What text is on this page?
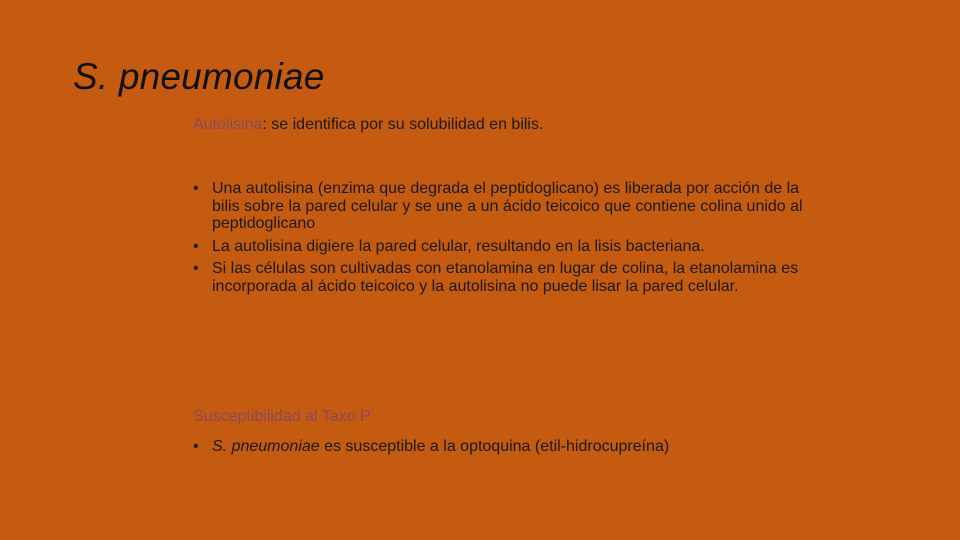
S. pneumoniae
Autolisina: se identifica por su solubilidad en bilis.
• Una autolisina (enzima que degrada el peptidoglicano) es liberada por acción de la bilis sobre la pared celular y se une a un ácido teicoico que contiene colina unido al peptidoglicano
• La autolisina digiere la pared celular, resultando en la lisis bacteriana.
• Si las células son cultivadas con etanolamina en lugar de colina, la etanolamina es incorporada al ácido teicoico y la autolisina no puede lisar la pared celular.
Susceptibilidad al Taxo P
• S. pneumoniae es susceptible a la optoquina (etil-hidrocupreína)
